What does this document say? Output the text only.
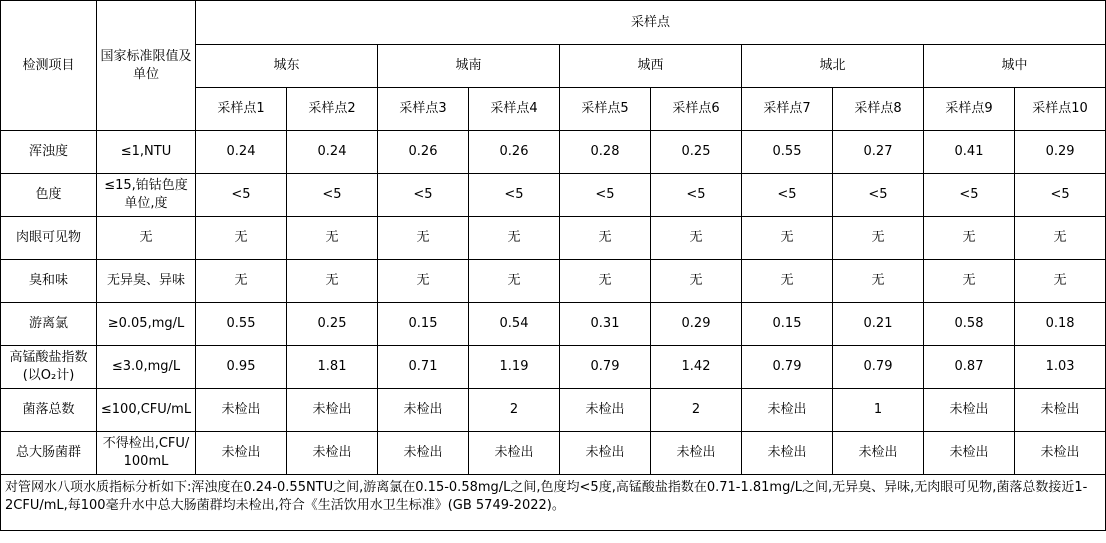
检测项目	国家标准限值及单位	采样点									
		城东		城南		城西		城北		城中	
		采样点1	采样点2	采样点3	采样点4	采样点5	采样点6	采样点7	采样点8	采样点9	采样点10
浑浊度	≤1,NTU	0.24	0.24	0.26	0.26	0.28	0.25	0.55	0.27	0.41	0.29
色度	≤15,铂钴色度单位,度	<5	<5	<5	<5	<5	<5	<5	<5	<5	<5
肉眼可见物	无	无	无	无	无	无	无	无	无	无	无
臭和味	无异臭、异味	无	无	无	无	无	无	无	无	无	无
游离氯	≥0.05,mg/L	0.55	0.25	0.15	0.54	0.31	0.29	0.15	0.21	0.58	0.18
高锰酸盐指数(以O₂计)	≤3.0,mg/L	0.95	1.81	0.71	1.19	0.79	1.42	0.79	0.79	0.87	1.03
菌落总数	≤100,CFU/mL	未检出	未检出	未检出	2	未检出	2	未检出	1	未检出	未检出
总大肠菌群	不得检出,CFU/100mL	未检出	未检出	未检出	未检出	未检出	未检出	未检出	未检出	未检出	未检出
对管网水八项水质指标分析如下:浑浊度在0.24-0.55NTU之间,游离氯在0.15-0.58mg/L之间,色度均<5度,高锰酸盐指数在0.71-1.81mg/L之间,无异臭、异味,无肉眼可见物,菌落总数接近1-2CFU/mL,每100毫升水中总大肠菌群均未检出,符合《生活饮用水卫生标准》(GB 5749-2022)。											
